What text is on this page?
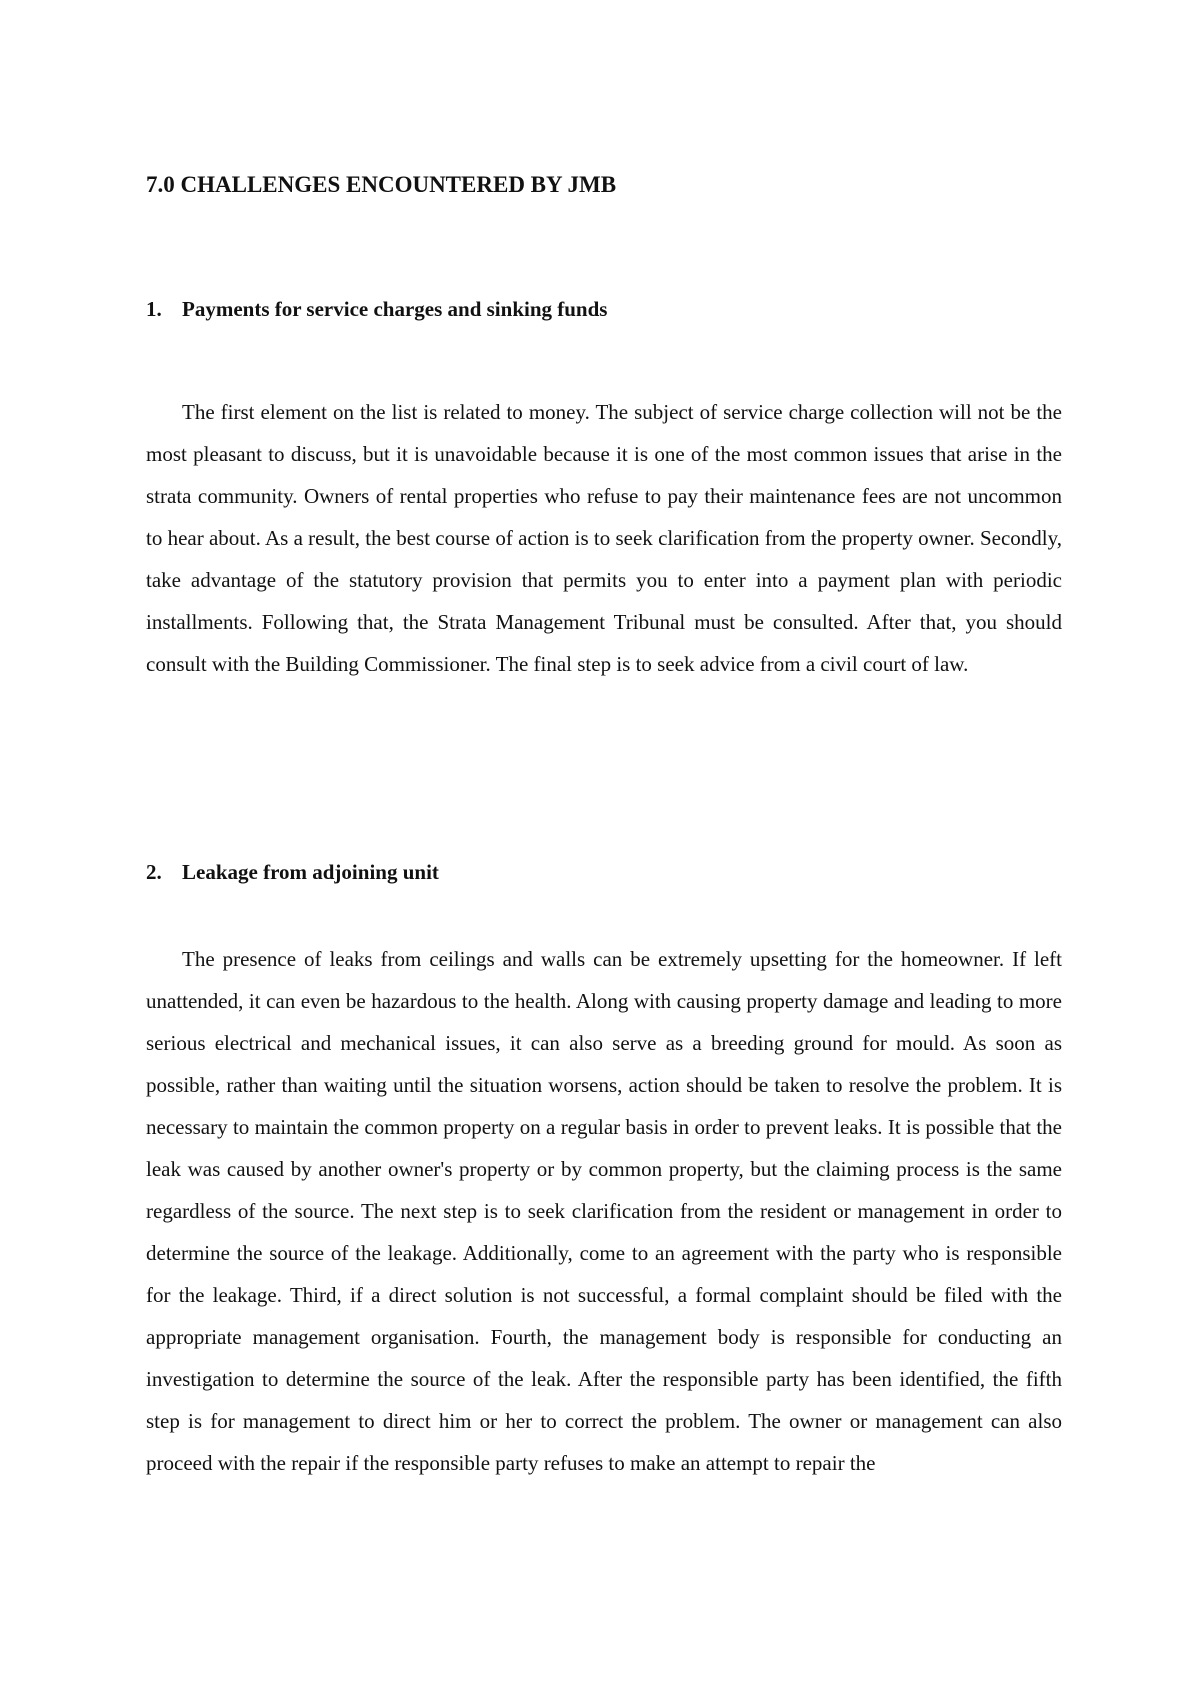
7.0 CHALLENGES ENCOUNTERED BY JMB
1. Payments for service charges and sinking funds

The first element on the list is related to money. The subject of service charge collection will not be the most pleasant to discuss, but it is unavoidable because it is one of the most common issues that arise in the strata community. Owners of rental properties who refuse to pay their maintenance fees are not uncommon to hear about. As a result, the best course of action is to seek clarification from the property owner. Secondly, take advantage of the statutory provision that permits you to enter into a payment plan with periodic installments. Following that, the Strata Management Tribunal must be consulted. After that, you should consult with the Building Commissioner. The final step is to seek advice from a civil court of law.

2. Leakage from adjoining unit

The presence of leaks from ceilings and walls can be extremely upsetting for the homeowner. If left unattended, it can even be hazardous to the health. Along with causing property damage and leading to more serious electrical and mechanical issues, it can also serve as a breeding ground for mould. As soon as possible, rather than waiting until the situation worsens, action should be taken to resolve the problem. It is necessary to maintain the common property on a regular basis in order to prevent leaks. It is possible that the leak was caused by another owner's property or by common property, but the claiming process is the same regardless of the source. The next step is to seek clarification from the resident or management in order to determine the source of the leakage. Additionally, come to an agreement with the party who is responsible for the leakage. Third, if a direct solution is not successful, a formal complaint should be filed with the appropriate management organisation. Fourth, the management body is responsible for conducting an investigation to determine the source of the leak. After the responsible party has been identified, the fifth step is for management to direct him or her to correct the problem. The owner or management can also proceed with the repair if the responsible party refuses to make an attempt to repair the
